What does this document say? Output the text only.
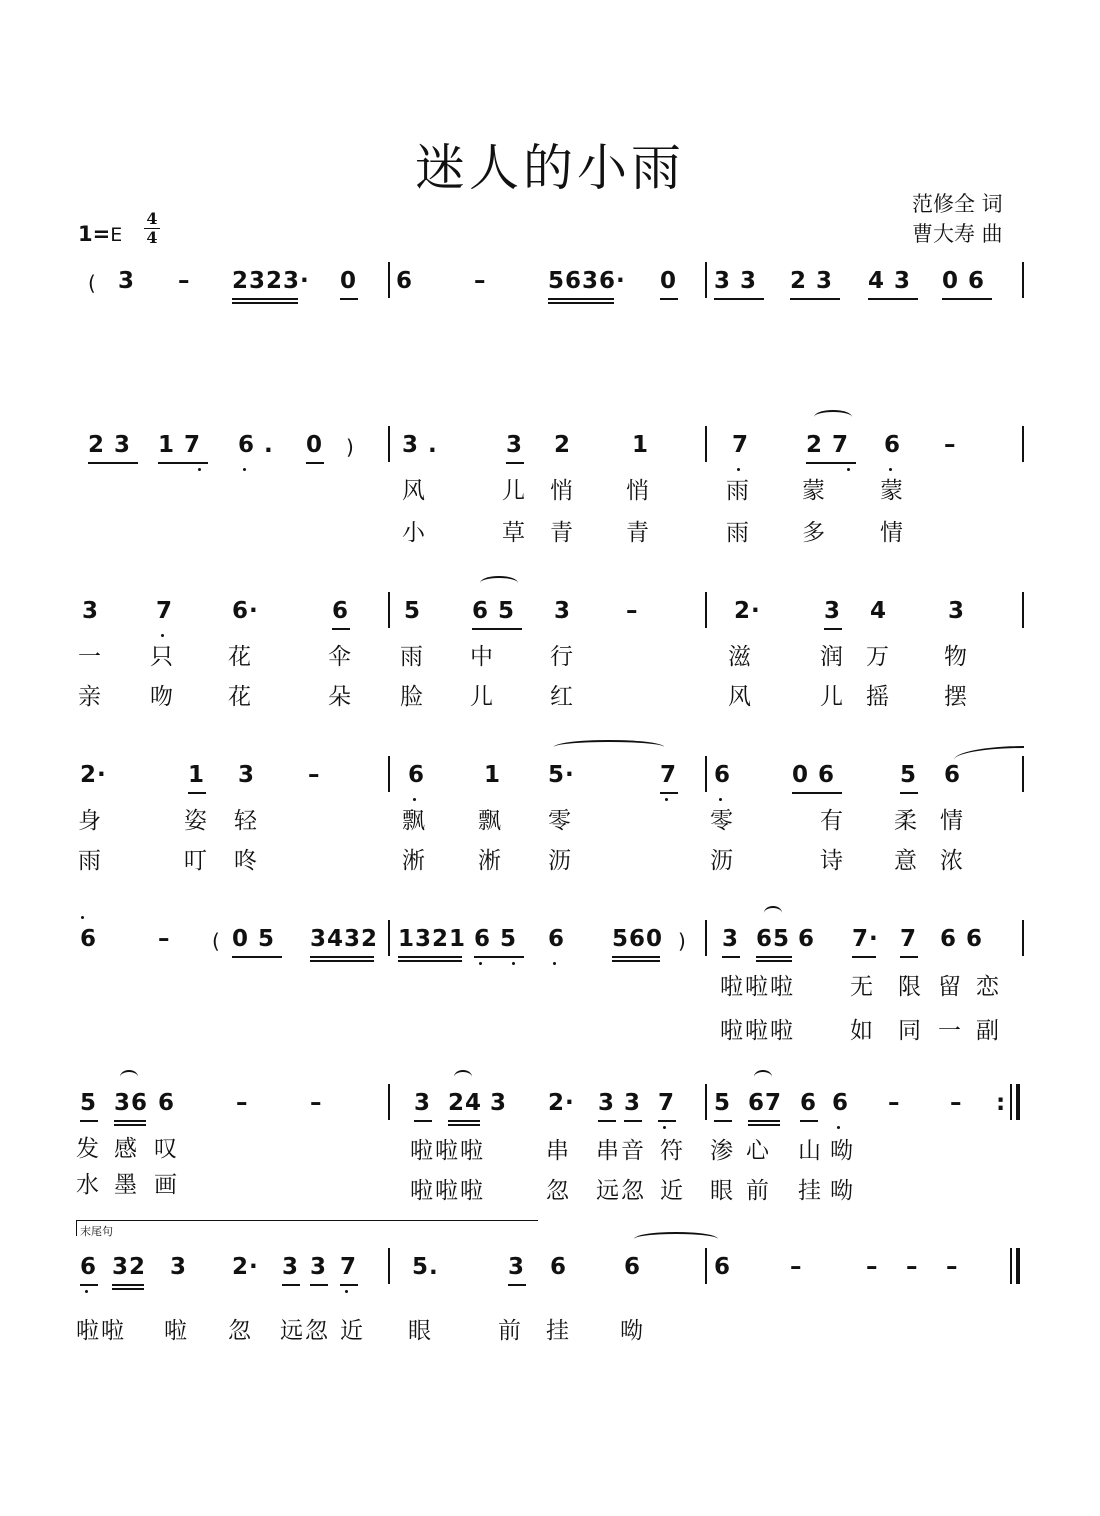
迷人的小雨
范修全 词
曹大寿 曲
1=E
4
4
( 3 – 2323· 0 6	–	5636· 0 3 3 2 3 4 3 0 6
2 3 1 7 6 . 0 ) 3 .	3 2	1	7 2 7 6 –
风	儿 悄 悄	雨 蒙 蒙
小	草 青 青	雨 多 情
3 7	6·	6 5 6 5 3 –	2·	3 4	3
一 只 花	伞 雨 中 行	滋	润 万 物
亲 吻 花	朵 脸 儿 红	风	儿 摇 摆
2·	1 3 –	6	1 5·	7 6	0 6	5 6
身	姿 轻	飘 飘 零	零	有 柔 情
雨	叮 咚	淅 淅 沥	沥	诗 意 浓
6	– ( 0 5 3432 1321 6 5 6 560 ) 3 65 6 7· 7 6 6
啦啦啦 无 限 留 恋
啦啦啦 如 同 一 副
5 36 6	–	–	3 24 3 2· 3 3 7 5 67 6 6 – – :
发 感 叹	啦啦啦	串 串音 符 渗 心 山 呦
水 墨 画	啦啦啦	忽 远忽 近 眼 前 挂 呦
末尾句
6 32 3 2· 3 3 7 5.	3 6 6	6	–	– – –
啦啦 啦 忽 远忽 近 眼	前 挂 呦
